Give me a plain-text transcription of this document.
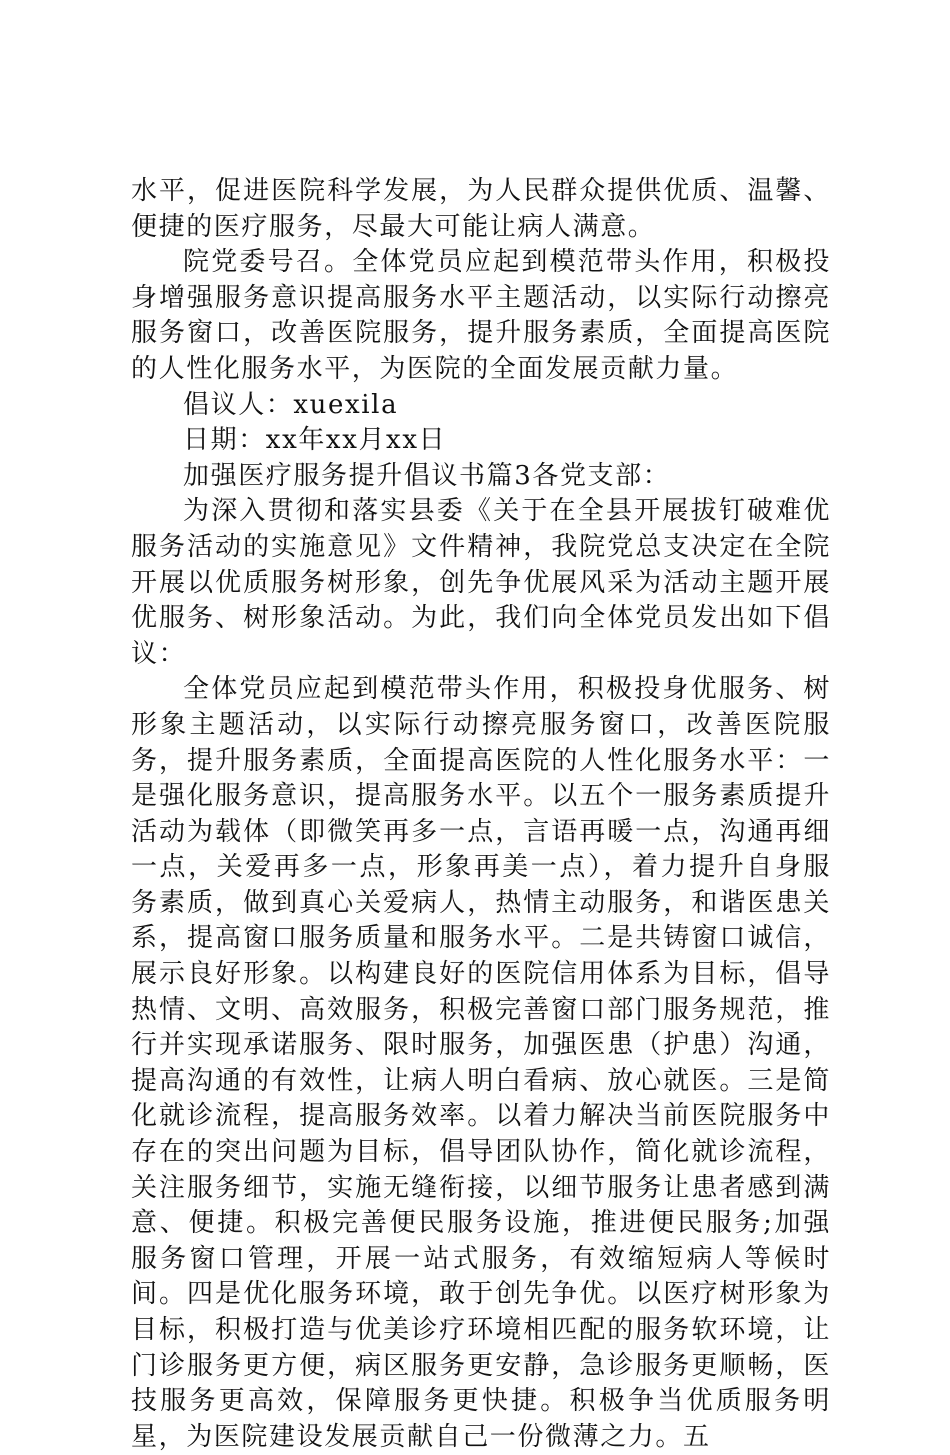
水平，促进医院科学发展，为人民群众提供优质、温馨、便捷的医疗服务，尽最大可能让病人满意。

院党委号召。全体党员应起到模范带头作用，积极投身增强服务意识提高服务水平主题活动，以实际行动擦亮服务窗口，改善医院服务，提升服务素质，全面提高医院的人性化服务水平，为医院的全面发展贡献力量。

倡议人：xuexila

日期：xx年xx月xx日

加强医疗服务提升倡议书篇3各党支部：

为深入贯彻和落实县委《关于在全县开展拔钉破难优服务活动的实施意见》文件精神，我院党总支决定在全院开展以优质服务树形象，创先争优展风采为活动主题开展优服务、树形象活动。为此，我们向全体党员发出如下倡议：

全体党员应起到模范带头作用，积极投身优服务、树形象主题活动，以实际行动擦亮服务窗口，改善医院服务，提升服务素质，全面提高医院的人性化服务水平：一是强化服务意识，提高服务水平。以五个一服务素质提升活动为载体（即微笑再多一点，言语再暖一点，沟通再细一点，关爱再多一点，形象再美一点），着力提升自身服务素质，做到真心关爱病人，热情主动服务，和谐医患关系，提高窗口服务质量和服务水平。二是共铸窗口诚信，展示良好形象。以构建良好的医院信用体系为目标，倡导热情、文明、高效服务，积极完善窗口部门服务规范，推行并实现承诺服务、限时服务，加强医患（护患）沟通，提高沟通的有效性，让病人明白看病、放心就医。三是简化就诊流程，提高服务效率。以着力解决当前医院服务中存在的突出问题为目标，倡导团队协作，简化就诊流程，关注服务细节，实施无缝衔接，以细节服务让患者感到满意、便捷。积极完善便民服务设施，推进便民服务;加强服务窗口管理，开展一站式服务，有效缩短病人等候时间。四是优化服务环境，敢于创先争优。以医疗树形象为目标，积极打造与优美诊疗环境相匹配的服务软环境，让门诊服务更方便，病区服务更安静，急诊服务更顺畅，医技服务更高效，保障服务更快捷。积极争当优质服务明星，为医院建设发展贡献自己一份微薄之力。五
